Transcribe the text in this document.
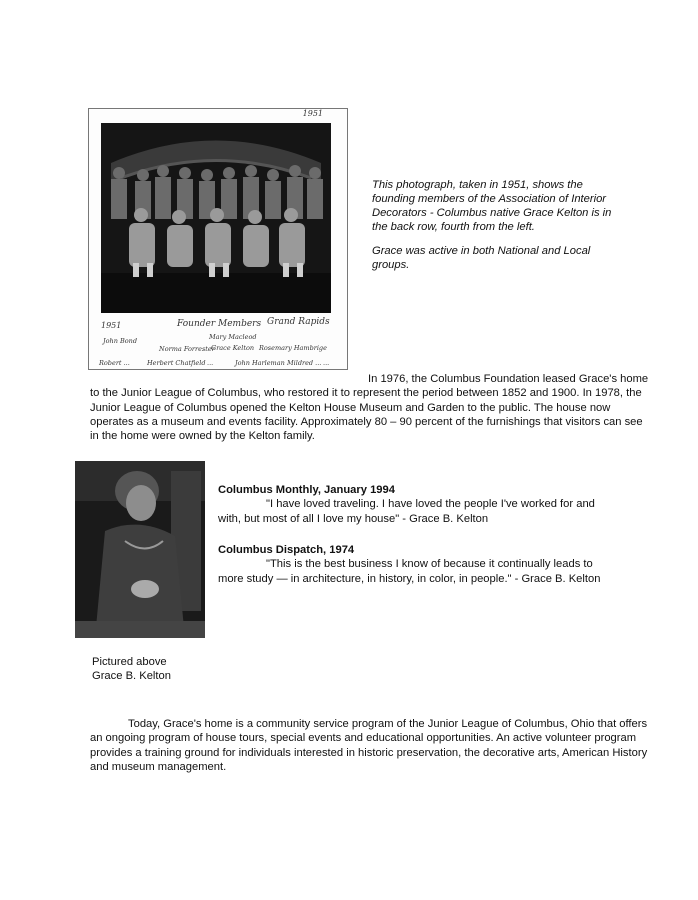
1951
1951	Founder Members Grand Rapids
John Bond	Mary Macleod
Norma Forrester
Grace Kelton Rosemary Hambrige
Robert ...	Herbert Chatfield ...	John Harleman Mildred ... ...

This photograph, taken in 1951, shows the founding members of the Association of Interior Decorators - Columbus native Grace Kelton is in the back row, fourth from the left.

Grace was active in both National and Local groups.

In 1976, the Columbus Foundation leased Grace's home to the Junior League of Columbus, who restored it to represent the period between 1852 and 1900. In 1978, the Junior League of Columbus opened the Kelton House Museum and Garden to the public. The house now operates as a museum and events facility. Approximately 80 – 90 percent of the furnishings that visitors can see in the home were owned by the Kelton family.
Columbus Monthly, January 1994
"I have loved traveling. I have loved the people I've worked for and with, but most of all I love my house" - Grace B. Kelton
Columbus Dispatch, 1974
"This is the best business I know of because it continually leads to more study — in architecture, in history, in color, in people." - Grace B. Kelton
Pictured above
Grace B. Kelton
Today, Grace's home is a community service program of the Junior League of Columbus, Ohio that offers an ongoing program of house tours, special events and educational opportunities. An active volunteer program provides a training ground for individuals interested in historic preservation, the decorative arts, American History and museum management.
